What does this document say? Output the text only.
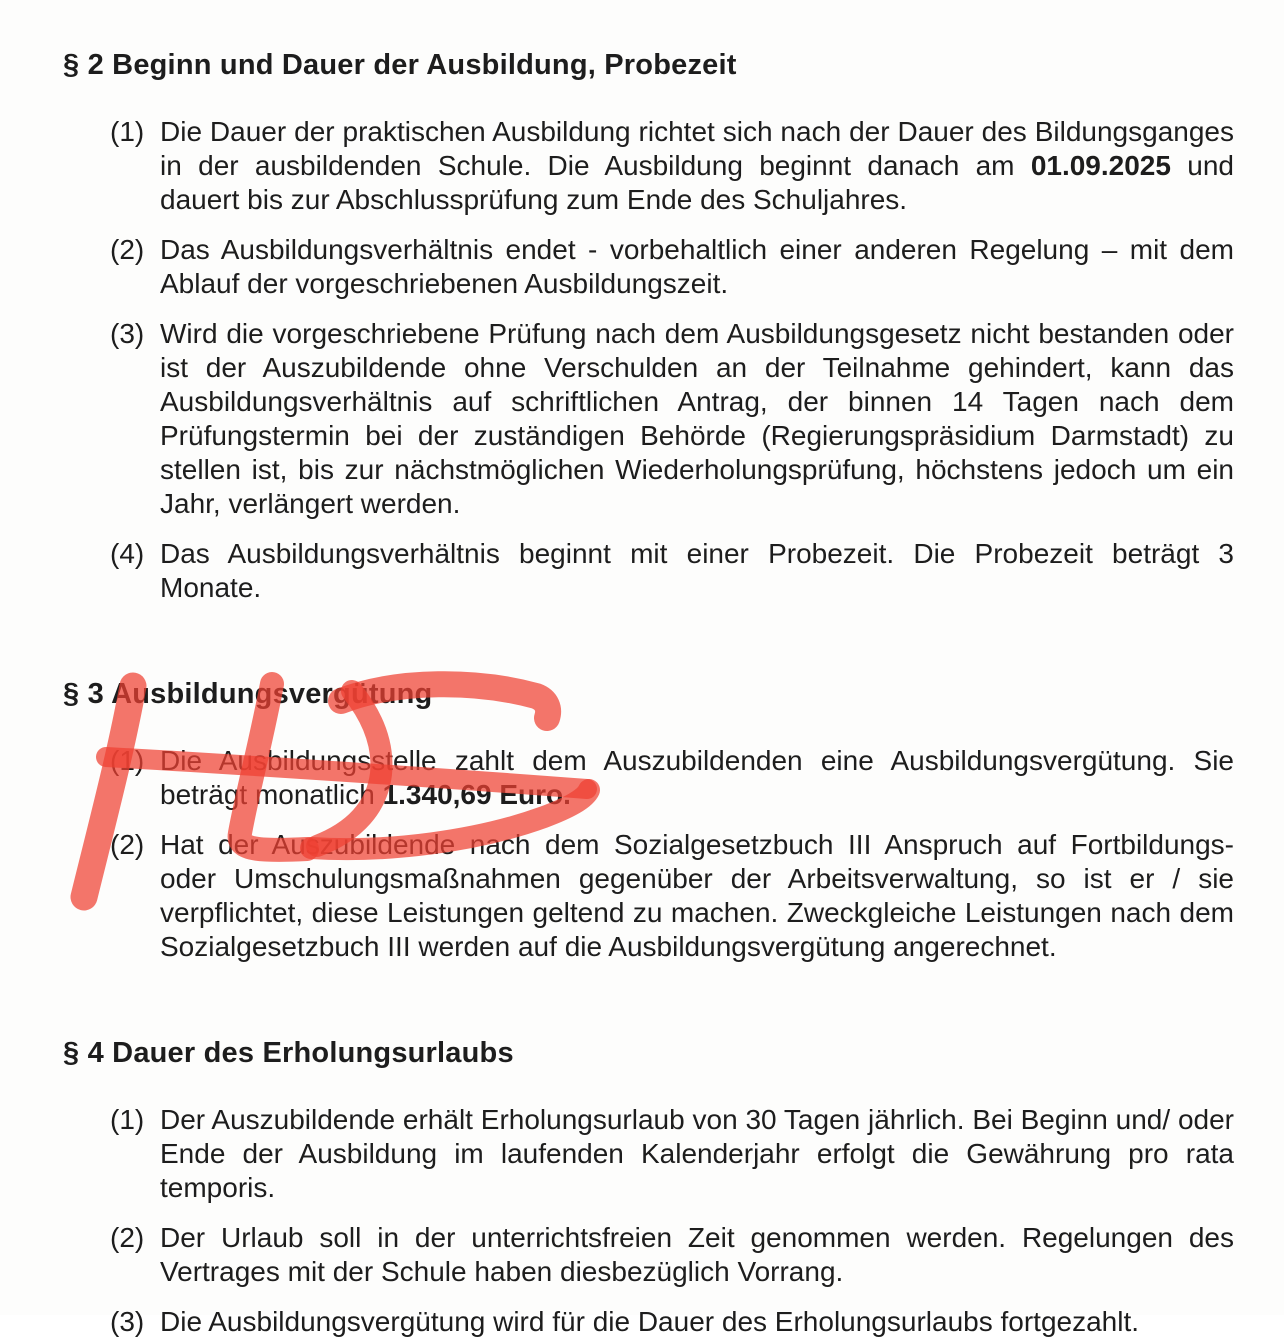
§ 2 Beginn und Dauer der Ausbildung, Probezeit
(1) Die Dauer der praktischen Ausbildung richtet sich nach der Dauer des Bildungsganges in der ausbildenden Schule. Die Ausbildung beginnt danach am 01.09.2025 und dauert bis zur Abschlussprüfung zum Ende des Schuljahres.

(2) Das Ausbildungsverhältnis endet - vorbehaltlich einer anderen Regelung – mit dem Ablauf der vorgeschriebenen Ausbildungszeit.

(3) Wird die vorgeschriebene Prüfung nach dem Ausbildungsgesetz nicht bestanden oder ist der Auszubildende ohne Verschulden an der Teilnahme gehindert, kann das Ausbildungsverhältnis auf schriftlichen Antrag, der binnen 14 Tagen nach dem Prüfungstermin bei der zuständigen Behörde (Regierungspräsidium Darmstadt) zu stellen ist, bis zur nächstmöglichen Wiederholungsprüfung, höchstens jedoch um ein Jahr, verlängert werden.

(4) Das Ausbildungsverhältnis beginnt mit einer Probezeit. Die Probezeit beträgt 3 Monate.

§ 3 Ausbildungsvergütung
(1) Die Ausbildungsstelle zahlt dem Auszubildenden eine Ausbildungsvergütung. Sie beträgt monatlich 1.340,69 Euro.

(2) Hat der Auszubildende nach dem Sozialgesetzbuch III Anspruch auf Fortbildungs- oder Umschulungsmaßnahmen gegenüber der Arbeitsverwaltung, so ist er / sie verpflichtet, diese Leistungen geltend zu machen. Zweckgleiche Leistungen nach dem Sozialgesetzbuch III werden auf die Ausbildungsvergütung angerechnet.

§ 4 Dauer des Erholungsurlaubs
(1) Der Auszubildende erhält Erholungsurlaub von 30 Tagen jährlich. Bei Beginn und/ oder Ende der Ausbildung im laufenden Kalenderjahr erfolgt die Gewährung pro rata temporis.

(2) Der Urlaub soll in der unterrichtsfreien Zeit genommen werden. Regelungen des Vertrages mit der Schule haben diesbezüglich Vorrang.

(3) Die Ausbildungsvergütung wird für die Dauer des Erholungsurlaubs fortgezahlt.
